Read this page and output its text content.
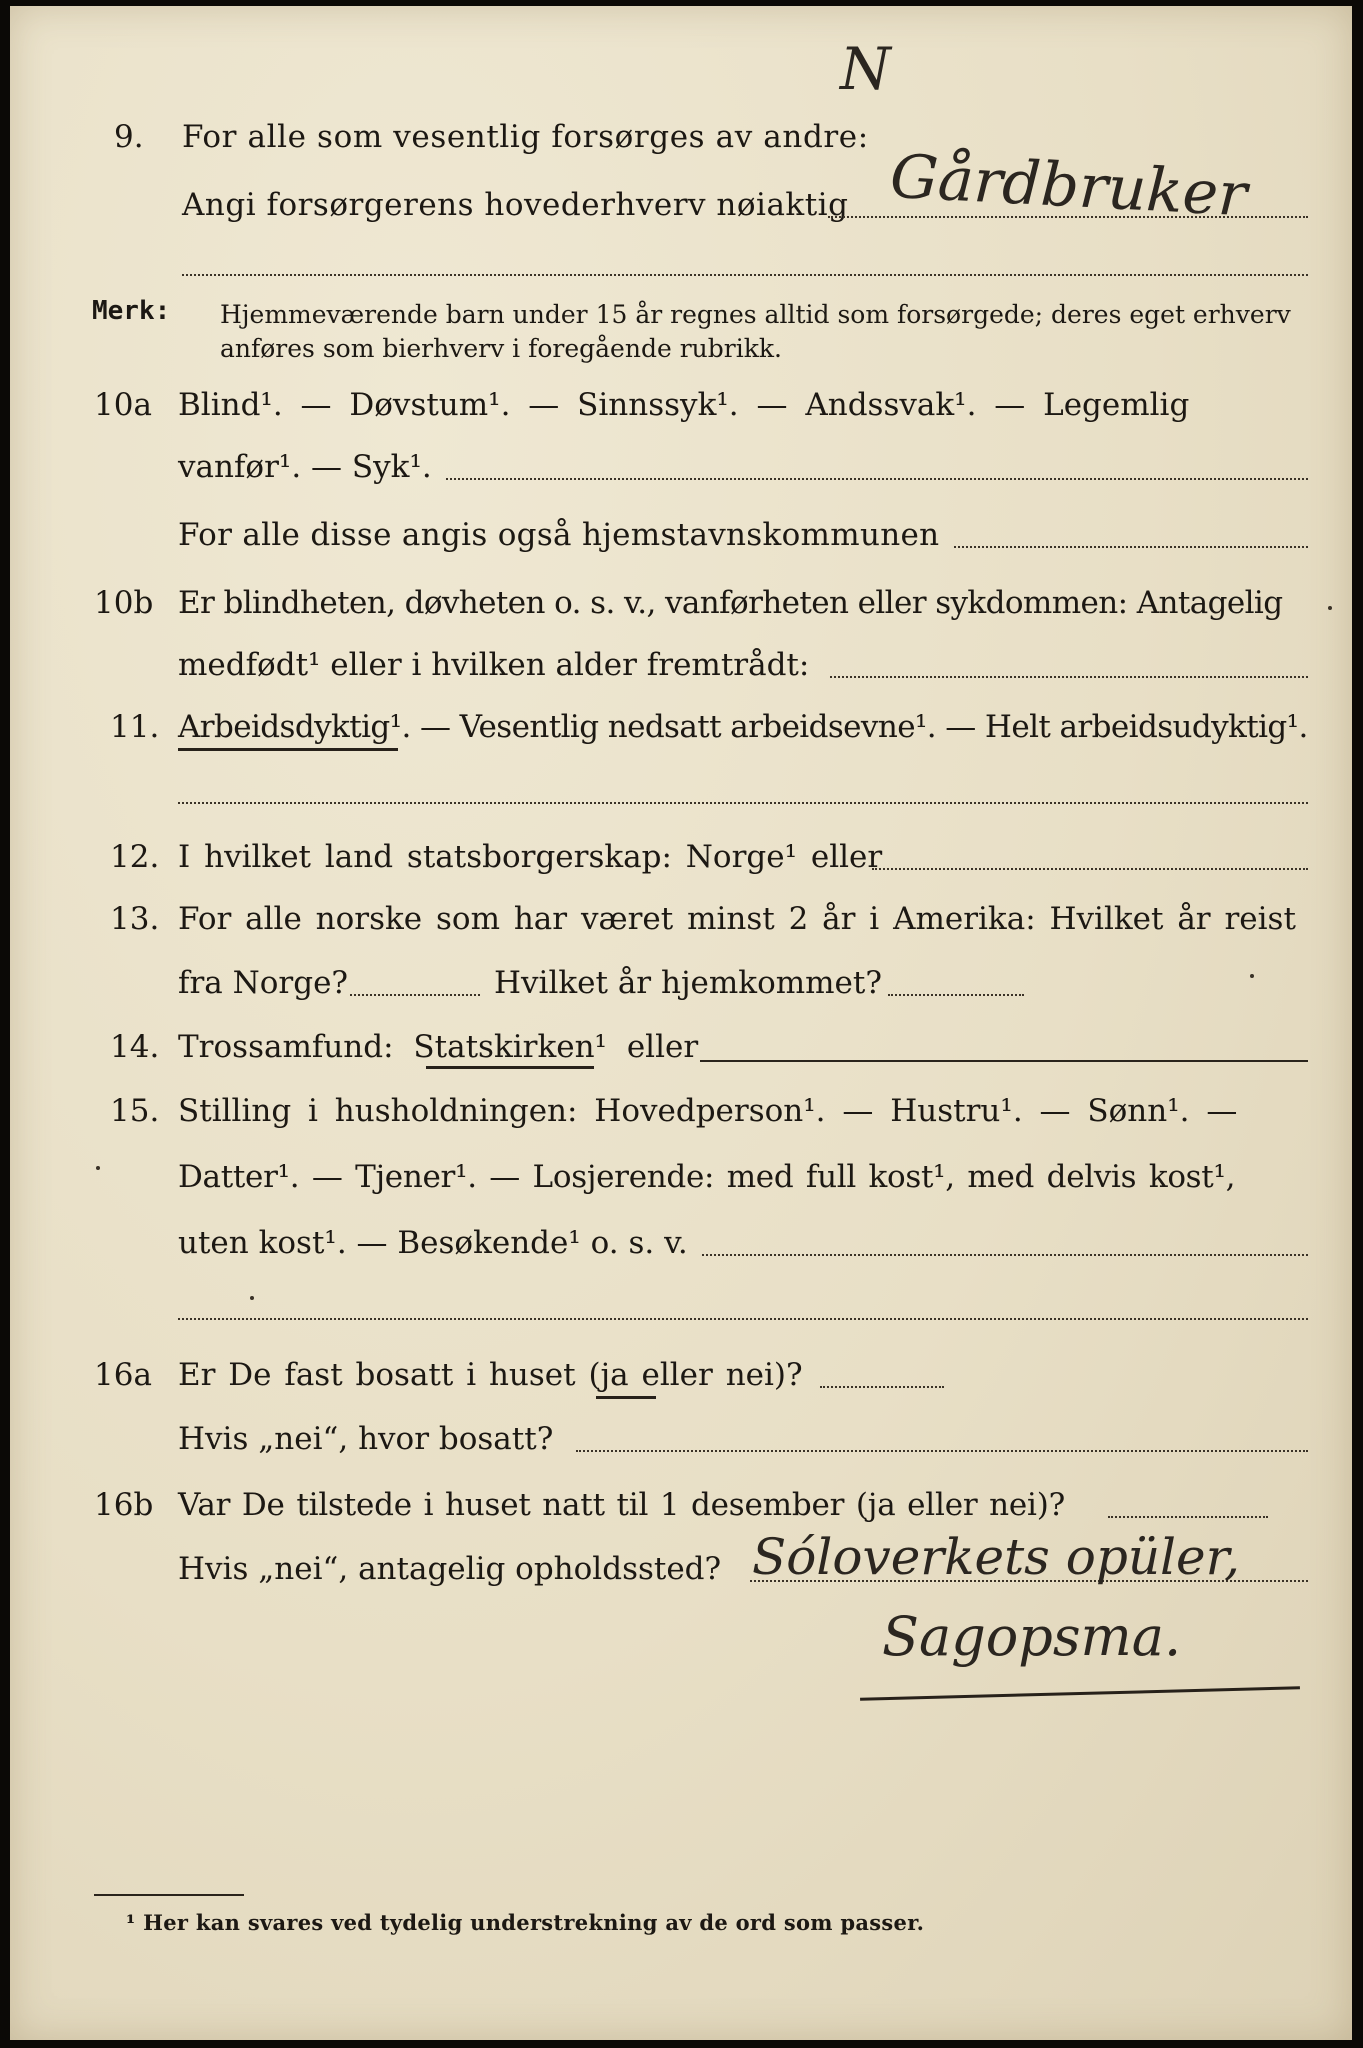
N
9. For alle som vesentlig forsørges av andre:
Angi forsørgerens hovederhverv nøiaktig Gårdbruker
Merk: Hjemmeværende barn under 15 år regnes alltid som forsørgede; deres eget erhverv
anføres som bierhverv i foregående rubrikk.
10a Blind¹. — Døvstum¹. — Sinnssyk¹. — Andssvak¹. — Legemlig
vanfør¹. — Syk¹.
For alle disse angis også hjemstavnskommunen
10b Er blindheten, døvheten o. s. v., vanførheten eller sykdommen: Antagelig
medfødt¹ eller i hvilken alder fremtrådt:
11. Arbeidsdyktig¹. — Vesentlig nedsatt arbeidsevne¹. — Helt arbeidsudyktig¹.
12. I hvilket land statsborgerskap: Norge¹ eller
13. For alle norske som har været minst 2 år i Amerika: Hvilket år reist
fra Norge?	Hvilket år hjemkommet?
14. Trossamfund: Statskirken¹ eller
15. Stilling i husholdningen: Hovedperson¹. — Hustru¹. — Sønn¹. —
Datter¹. — Tjener¹. — Losjerende: med full kost¹, med delvis kost¹,
uten kost¹. — Besøkende¹ o. s. v.
16a Er De fast bosatt i huset (ja eller nei)?
Hvis „nei“, hvor bosatt?
16b Var De tilstede i huset natt til 1 desember (ja eller nei)?
Hvis „nei“, antagelig opholdssted? Sóloverkets opüler,
Sagopsma.
¹ Her kan svares ved tydelig understrekning av de ord som passer.
